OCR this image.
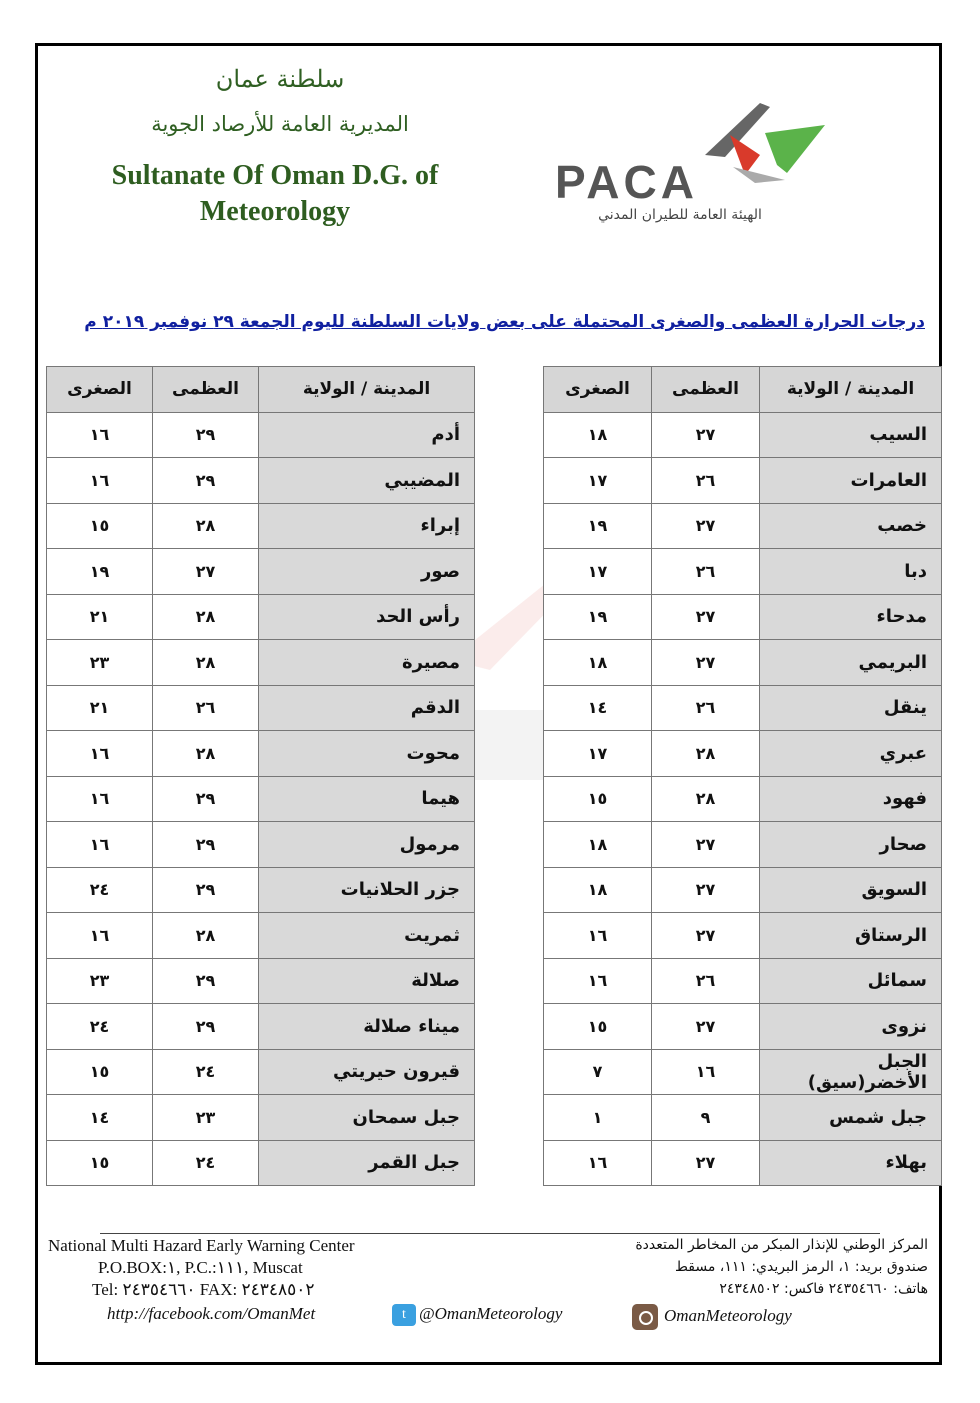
سلطنة عمان
المديرية العامة للأرصاد الجوية
Sultanate Of Oman D.G. of
Meteorology
PACA
الهيئة العامة للطيران المدني
درجات الحرارة العظمى والصغرى المحتملة على بعض ولايات السلطنة لليوم الجمعة ٢٩ نوفمبر ٢٠١٩ م
المدينة / الولاية	العظمى	الصغرى
السيب	٢٧	١٨
العامرات	٢٦	١٧
خصب	٢٧	١٩
دبا	٢٦	١٧
مدحاء	٢٧	١٩
البريمي	٢٧	١٨
ينقل	٢٦	١٤
عبري	٢٨	١٧
فهود	٢٨	١٥
صحار	٢٧	١٨
السويق	٢٧	١٨
الرستاق	٢٧	١٦
سمائل	٢٦	١٦
نزوى	٢٧	١٥
الجبل الأخضر(سيق)	١٦	٧
جبل شمس	٩	١
بهلاء	٢٧	١٦
المدينة / الولاية	العظمى	الصغرى
أدم	٢٩	١٦
المضيبي	٢٩	١٦
إبراء	٢٨	١٥
صور	٢٧	١٩
رأس الحد	٢٨	٢١
مصيرة	٢٨	٢٣
الدقم	٢٦	٢١
محوت	٢٨	١٦
هيما	٢٩	١٦
مرمول	٢٩	١٦
جزر الحلانيات	٢٩	٢٤
ثمريت	٢٨	١٦
صلالة	٢٩	٢٣
ميناء صلالة	٢٩	٢٤
قيرون حيريتي	٢٤	١٥
جبل سمحان	٢٣	١٤
جبل القمر	٢٤	١٥
National Multi Hazard Early Warning Center
P.O.BOX:١, P.C.:١١١, Muscat
Tel: ٢٤٣٥٤٦٦٠ FAX: ٢٤٣٤٨٥٠٢
المركز الوطني للإنذار المبكر من المخاطر المتعددة
صندوق بريد: ١، الرمز البريدي: ١١١، مسقط
هاتف: ٢٤٣٥٤٦٦٠ فاكس: ٢٤٣٤٨٥٠٢
http://facebook.com/OmanMet	t @OmanMeteorology	OmanMeteorology
